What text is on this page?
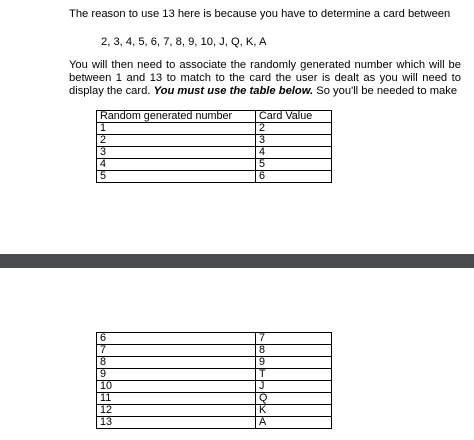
The reason to use 13 here is because you have to determine a card between
2, 3, 4, 5, 6, 7, 8, 9, 10, J, Q, K, A
You will then need to associate the randomly generated number which will be between 1 and 13 to match to the card the user is dealt as you will need to display the card. You must use the table below. So you'll be needed to make
Random generated number	Card Value
1	2
2	3
3	4
4	5
5	6
6	7
7	8
8	9
9	T
10	J
11	Q
12	K
13	A
